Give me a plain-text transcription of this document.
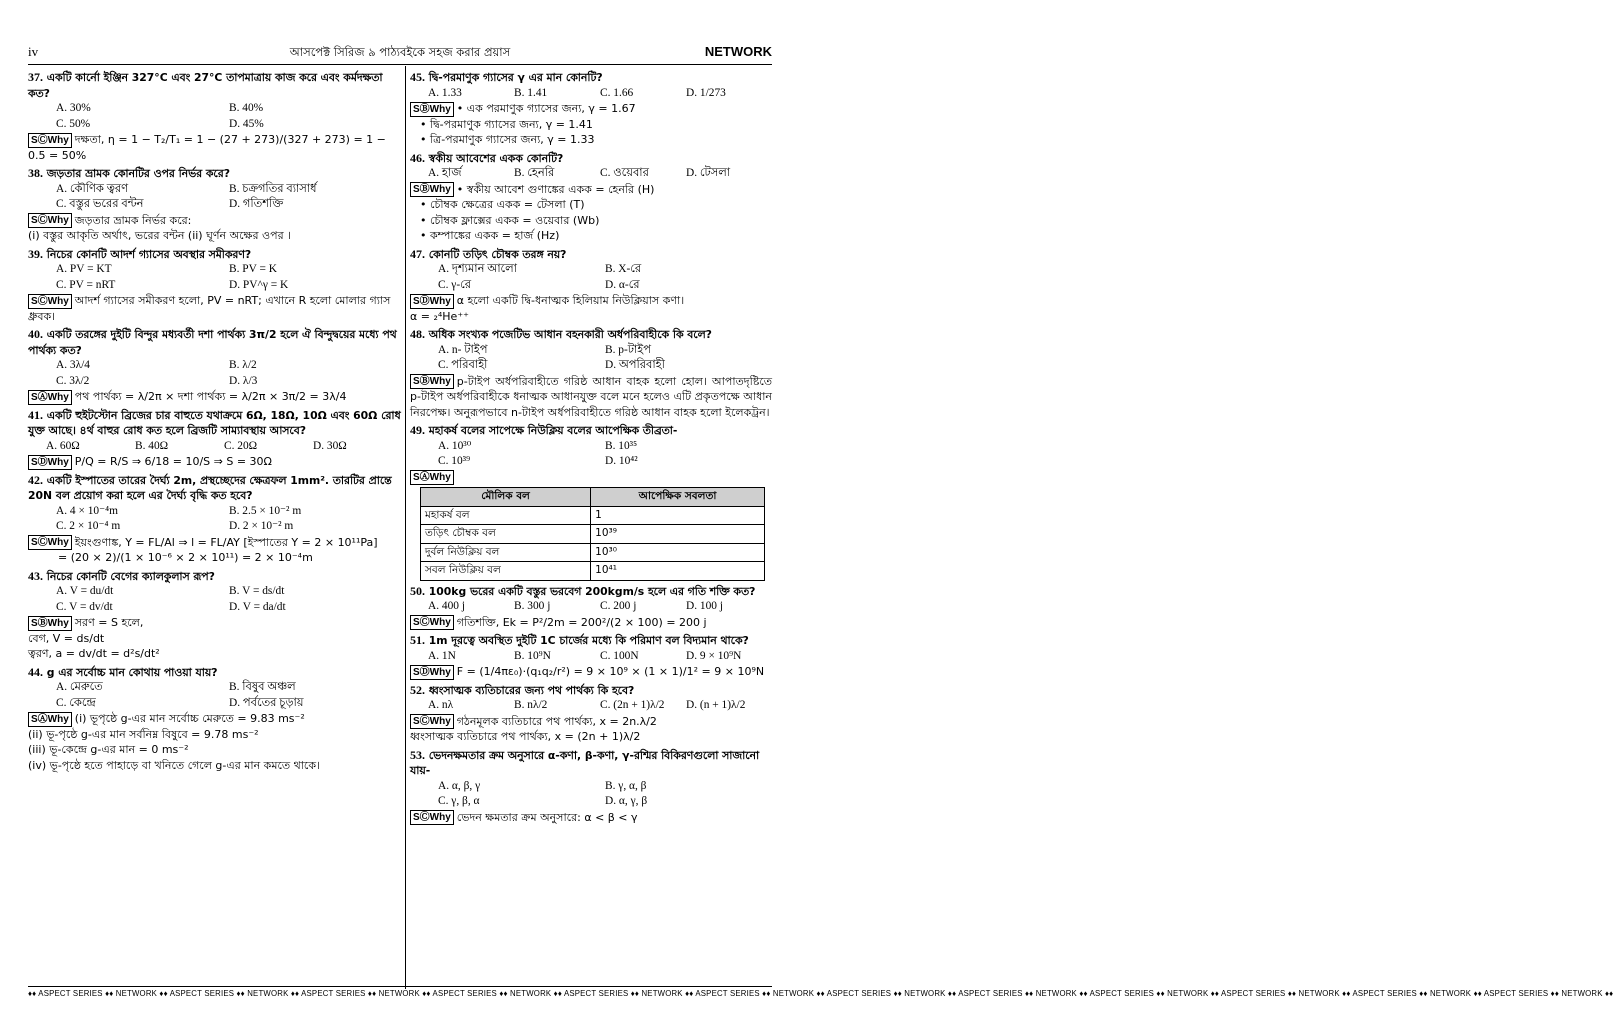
iv	আসপেক্ট সিরিজ ৯ পাঠ্যবইকে সহজ করার প্রয়াস	NETWORK
37. একটি কার্নো ইঞ্জিন 327°C এবং 27°C তাপমাত্রায় কাজ করে এবং কর্মদক্ষতা কত?
A. 30%	B. 40%
C. 50%	D. 45%
SⒸWhy দক্ষতা, η = 1 − T₂/T₁ = 1 − (27 + 273)/(327 + 273) = 1 − 0.5 = 50%
38. জড়তার ভ্রামক কোনটির ওপর নির্ভর করে?
A. কৌণিক ত্বরণ	B. চক্রগতির ব্যাসার্ধ
C. বস্তুর ভরের বন্টন	D. গতিশক্তি
SⒸWhy জড়তার ভ্রামক নির্ভর করে:
(i) বস্তুর আকৃতি অর্থাৎ, ভরের বন্টন (ii) ঘূর্ণন অক্ষের ওপর ।
39. নিচের কোনটি আদর্শ গ্যাসের অবস্থার সমীকরণ?
A. PV = KT	B. PV = K
C. PV = nRT	D. PV^γ = K
SⒸWhy আদর্শ গ্যাসের সমীকরণ হলো, PV = nRT; এখানে R হলো মোলার গ্যাস ধ্রুবক।
40. একটি তরঙ্গের দুইটি বিন্দুর মধ্যবর্তী দশা পার্থক্য 3π/2 হলে ঐ বিন্দুদ্বয়ের মধ্যে পথ পার্থক্য কত?
A. 3λ/4	B. λ/2
C. 3λ/2	D. λ/3
SⒶWhy পথ পার্থক্য = λ/2π × দশা পার্থক্য = λ/2π × 3π/2 = 3λ/4
41. একটি হুইটস্টোন ব্রিজের চার বাহুতে যথাক্রমে 6Ω, 18Ω, 10Ω এবং 60Ω রোধ যুক্ত আছে। ৪র্থ বাহুর রোধ কত হলে ব্রিজটি সাম্যাবস্থায় আসবে?
A. 60Ω	B. 40Ω	C. 20Ω	D. 30Ω
SⒹWhy P/Q = R/S ⇒ 6/18 = 10/S ⇒ S = 30Ω
42. একটি ইস্পাতের তারের দৈর্ঘ্য 2m, প্রস্থচ্ছেদের ক্ষেত্রফল 1mm². তারটির প্রান্তে 20N বল প্রয়োগ করা হলে এর দৈর্ঘ্য বৃদ্ধি কত হবে?
A. 4 × 10⁻⁴m	B. 2.5 × 10⁻² m
C. 2 × 10⁻⁴ m	D. 2 × 10⁻² m
SⒸWhy ইয়ংগুণাঙ্ক, Y = FL/Al ⇒ l = FL/AY [ইস্পাতের Y = 2 × 10¹¹Pa]
= (20 × 2)/(1 × 10⁻⁶ × 2 × 10¹¹) = 2 × 10⁻⁴m
43. নিচের কোনটি বেগের ক্যালকুলাস রূপ?
A. V = du/dt	B. V = ds/dt
C. V = dv/dt	D. V = da/dt
SⒷWhy সরণ = S হলে,
বেগ, V = ds/dt
ত্বরণ, a = dv/dt = d²s/dt²
44. g এর সর্বোচ্চ মান কোথায় পাওয়া যায়?
A. মেরুতে	B. বিষুব অঞ্চল
C. কেন্দ্রে	D. পর্বতের চূড়ায়
SⒶWhy (i) ভূপৃষ্ঠে g-এর মান সর্বোচ্চ মেরুতে = 9.83 ms⁻²
(ii) ভূ-পৃষ্ঠে g-এর মান সর্বনিম্ন বিষুবে = 9.78 ms⁻²
(iii) ভূ-কেন্দ্রে g-এর মান = 0 ms⁻²
(iv) ভূ-পৃষ্ঠে হতে পাহাড়ে বা খনিতে গেলে g-এর মান কমতে থাকে।
45. দ্বি-পরমাণুক গ্যাসের γ এর মান কোনটি?
A. 1.33	B. 1.41	C. 1.66	D. 1/273
SⒷWhy • এক পরমাণুক গ্যাসের জন্য, γ = 1.67
• দ্বি-পরমাণুক গ্যাসের জন্য, γ = 1.41
• ত্রি-পরমাণুক গ্যাসের জন্য, γ = 1.33
46. স্বকীয় আবেশের একক কোনটি?
A. হার্জ	B. হেনরি	C. ওয়েবার	D. টেসলা
SⒷWhy • স্বকীয় আবেশ গুণাঙ্কের একক = হেনরি (H)
• চৌম্বক ক্ষেত্রের একক = টেসলা (T)
• চৌম্বক ফ্লাক্সের একক = ওয়েবার (Wb)
• কম্পাঙ্কের একক = হার্জ (Hz)
47. কোনটি তড়িৎ চৌম্বক তরঙ্গ নয়?
A. দৃশ্যমান আলো	B. X-রে
C. γ-রে	D. α-রে
SⒹWhy α হলো একটি দ্বি-ধনাত্মক হিলিয়াম নিউক্লিয়াস কণা।
α = ₂⁴He⁺⁺
48. অধিক সংখ্যক পজেটিভ আধান বহনকারী অর্ধপরিবাহীকে কি বলে?
A. n- টাইপ	B. p-টাইপ
C. পরিবাহী	D. অপরিবাহী
SⒷWhy p-টাইপ অর্ধপরিবাহীতে গরিষ্ঠ আধান বাহক হলো হোল। আপাতদৃষ্টিতে p-টাইপ অর্ধপরিবাহীকে ধনাত্মক আধানযুক্ত বলে মনে হলেও এটি প্রকৃতপক্ষে আধান নিরপেক্ষ। অনুরূপভাবে n-টাইপ অর্ধপরিবাহীতে গরিষ্ঠ আধান বাহক হলো ইলেকট্রন।
49. মহাকর্ষ বলের সাপেক্ষে নিউক্লিয় বলের আপেক্ষিক তীব্রতা-
A. 10³⁰	B. 10³⁵
C. 10³⁹	D. 10⁴²
SⒶWhy
মৌলিক বল	আপেক্ষিক সবলতা
মহাকর্ষ বল	1
তড়িৎ চৌম্বক বল	10³⁹
দুর্বল নিউক্লিয় বল	10³⁰
সবল নিউক্লিয় বল	10⁴¹
50. 100kg ভরের একটি বস্তুর ভরবেগ 200kgm/s হলে এর গতি শক্তি কত?
A. 400 j	B. 300 j	C. 200 j	D. 100 j
SⒸWhy গতিশক্তি, Ek = P²/2m = 200²/(2 × 100) = 200 j
51. 1m দূরত্বে অবস্থিত দুইটি 1C চার্জের মধ্যে কি পরিমাণ বল বিদ্যমান থাকে?
A. 1N	B. 10⁹N	C. 100N	D. 9 × 10⁹N
SⒹWhy F = (1/4πε₀)·(q₁q₂/r²) = 9 × 10⁹ × (1 × 1)/1² = 9 × 10⁹N
52. ধ্বংসাত্মক ব্যতিচারের জন্য পথ পার্থক্য কি হবে?
A. nλ	B. nλ/2	C. (2n + 1)λ/2	D. (n + 1)λ/2
SⒸWhy গঠনমূলক ব্যতিচারে পথ পার্থক্য, x = 2n.λ/2
ধ্বংসাত্মক ব্যতিচারে পথ পার্থক্য, x = (2n + 1)λ/2
53. ভেদনক্ষমতার ক্রম অনুসারে α-কণা, β-কণা, γ-রশ্মির বিকিরণগুলো সাজানো যায়-
A. α, β, γ	B. γ, α, β
C. γ, β, α	D. α, γ, β
SⒸWhy ভেদন ক্ষমতার ক্রম অনুসারে: α < β < γ
♦♦ ASPECT SERIES ♦♦ NETWORK ♦♦ ASPECT SERIES ♦♦ NETWORK ♦♦ ASPECT SERIES ♦♦ NETWORK ♦♦ ASPECT SERIES ♦♦ NETWORK ♦♦ ASPECT SERIES ♦♦ NETWORK ♦♦ ASPECT SERIES ♦♦ NETWORK ♦♦ ASPECT SERIES ♦♦ NETWORK ♦♦ ASPECT SERIES ♦♦ NETWORK ♦♦ ASPECT SERIES ♦♦ NETWORK ♦♦ ASPECT SERIES ♦♦ NETWORK ♦♦ ASPECT SERIES ♦♦ NETWORK ♦♦ ASPECT SERIES ♦♦ NETWORK ♦♦
